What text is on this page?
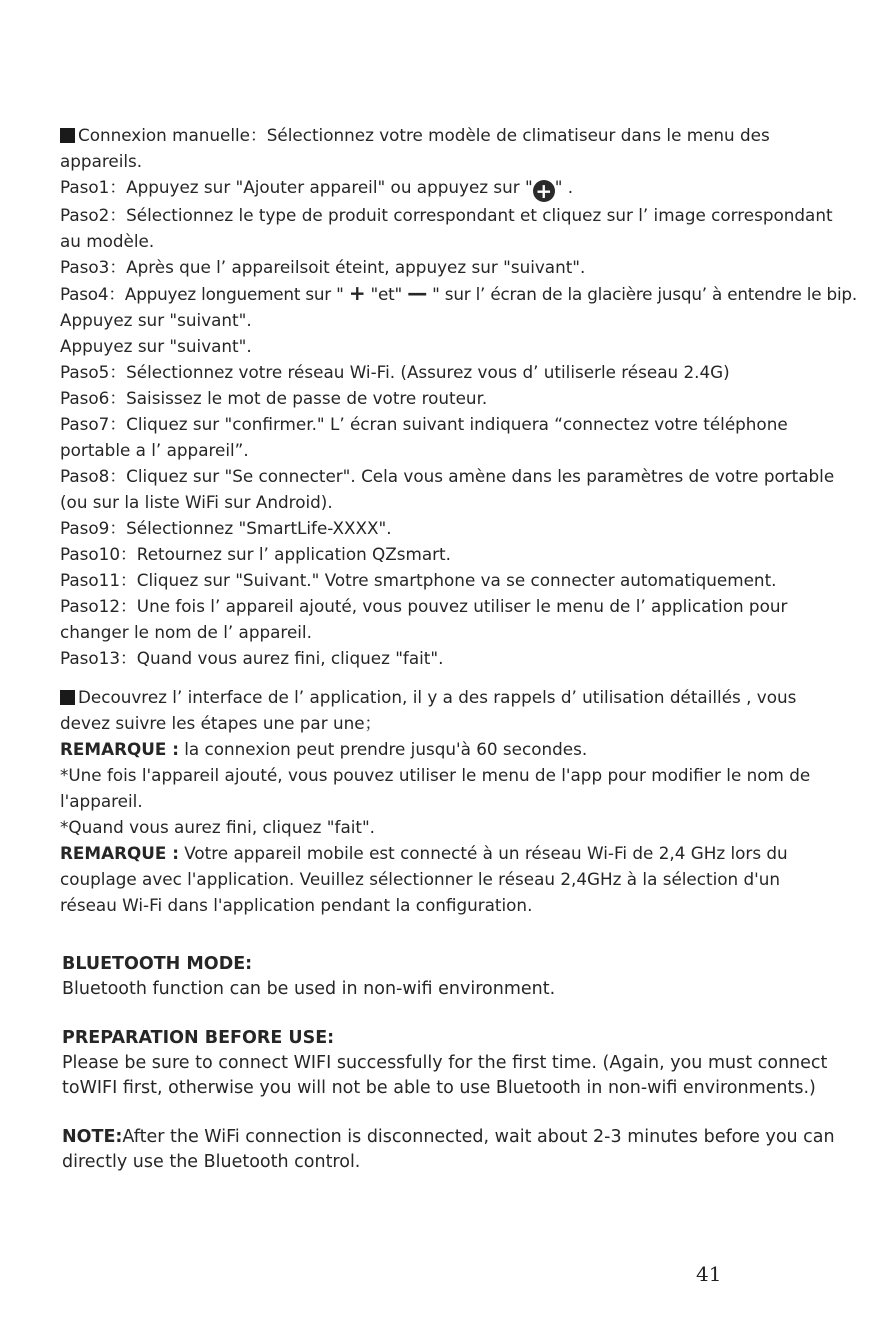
Connexion manuelle：Sélectionnez votre modèle de climatiseur dans le menu des

appareils.

Paso1：Appuyez sur "Ajouter appareil" ou appuyez sur " + " .

Paso2：Sélectionnez le type de produit correspondant et cliquez sur l’ image correspondant

au modèle.

Paso3：Après que l’ appareilsoit éteint, appuyez sur "suivant".

Paso4：Appuyez longuement sur " + "et" — " sur l’ écran de la glacière jusqu’ à entendre le bip.

Appuyez sur "suivant".

Appuyez sur "suivant".

Paso5：Sélectionnez votre réseau Wi-Fi. (Assurez vous d’ utiliserle réseau 2.4G)

Paso6：Saisissez le mot de passe de votre routeur.

Paso7：Cliquez sur "confirmer." L’ écran suivant indiquera “connectez votre téléphone

portable a l’ appareil”.

Paso8：Cliquez sur "Se connecter". Cela vous amène dans les paramètres de votre portable

(ou sur la liste WiFi sur Android).

Paso9：Sélectionnez "SmartLife-XXXX".

Paso10：Retournez sur l’ application QZsmart.

Paso11：Cliquez sur "Suivant." Votre smartphone va se connecter automatiquement.

Paso12：Une fois l’ appareil ajouté, vous pouvez utiliser le menu de l’ application pour

changer le nom de l’ appareil.

Paso13：Quand vous aurez fini, cliquez "fait".

Decouvrez l’ interface de l’ application, il y a des rappels d’ utilisation détaillés , vous

devez suivre les étapes une par une；

REMARQUE : la connexion peut prendre jusqu'à 60 secondes.

*Une fois l'appareil ajouté, vous pouvez utiliser le menu de l'app pour modifier le nom de

l'appareil.

*Quand vous aurez fini, cliquez "fait".

REMARQUE : Votre appareil mobile est connecté à un réseau Wi-Fi de 2,4 GHz lors du

couplage avec l'application. Veuillez sélectionner le réseau 2,4GHz à la sélection d'un

réseau Wi-Fi dans l'application pendant la configuration.

BLUETOOTH MODE:

Bluetooth function can be used in non-wifi environment.

PREPARATION BEFORE USE:

Please be sure to connect WIFI successfully for the first time. (Again, you must connect

toWIFI first, otherwise you will not be able to use Bluetooth in non-wifi environments.)

NOTE:After the WiFi connection is disconnected, wait about 2-3 minutes before you can

directly use the Bluetooth control.

41
